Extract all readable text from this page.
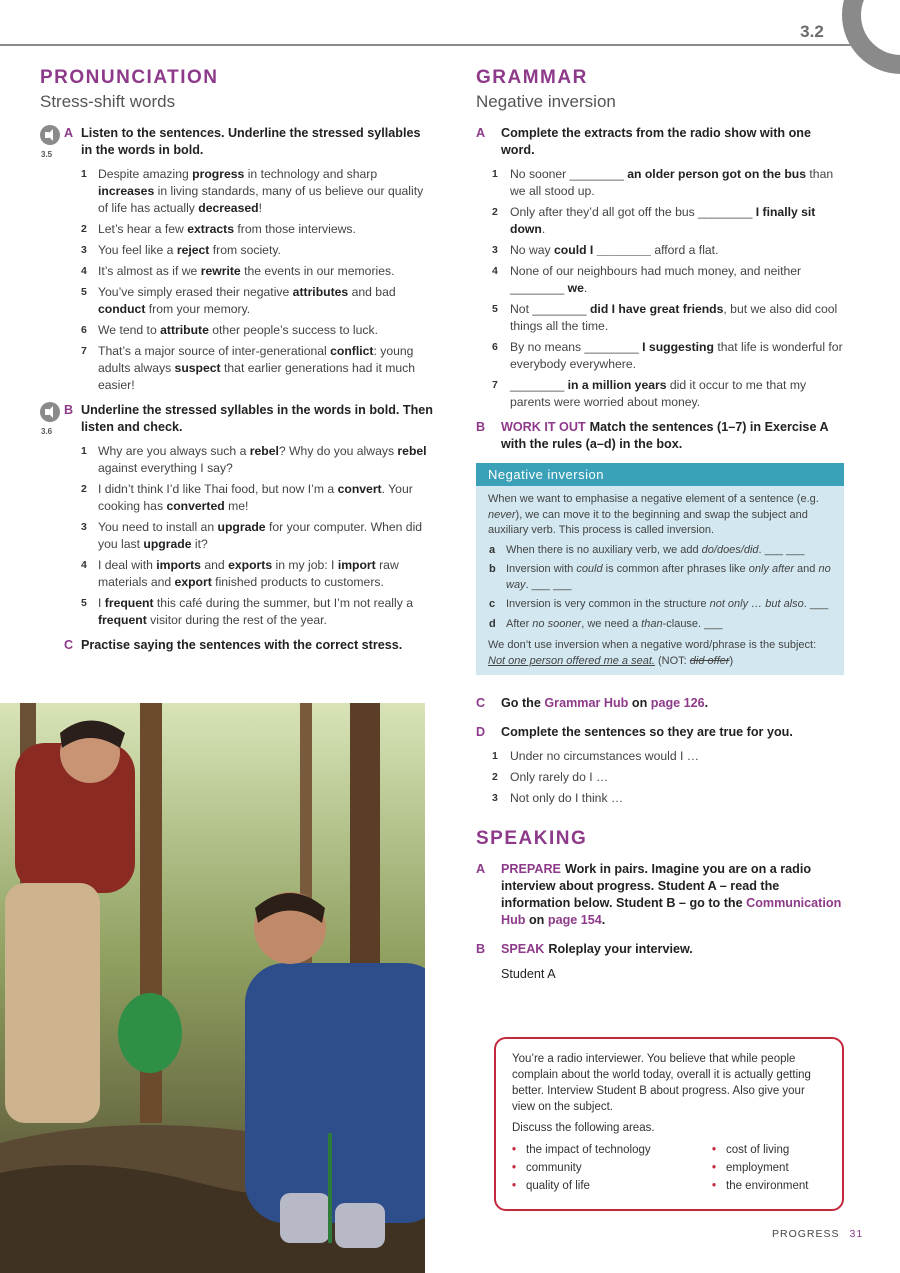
3.2
PRONUNCIATION
Stress-shift words
3.5
A Listen to the sentences. Underline the stressed syllables in the words in bold.
1 Despite amazing progress in technology and sharp increases in living standards, many of us believe our quality of life has actually decreased!
2 Let’s hear a few extracts from those interviews.
3 You feel like a reject from society.
4 It’s almost as if we rewrite the events in our memories.
5 You’ve simply erased their negative attributes and bad conduct from your memory.
6 We tend to attribute other people’s success to luck.
7 That’s a major source of inter-generational conflict: young adults always suspect that earlier generations had it much easier!
3.6
B Underline the stressed syllables in the words in bold. Then listen and check.
1 Why are you always such a rebel? Why do you always rebel against everything I say?
2 I didn’t think I’d like Thai food, but now I’m a convert. Your cooking has converted me!
3 You need to install an upgrade for your computer. When did you last upgrade it?
4 I deal with imports and exports in my job: I import raw materials and export finished products to customers.
5 I frequent this café during the summer, but I’m not really a frequent visitor during the rest of the year.
C Practise saying the sentences with the correct stress.
GRAMMAR
Negative inversion
A Complete the extracts from the radio show with one word.
1 No sooner ________ an older person got on the bus than we all stood up.
2 Only after they’d all got off the bus ________ I finally sit down.
3 No way could I ________ afford a flat.
4 None of our neighbours had much money, and neither ________ we.
5 Not ________ did I have great friends, but we also did cool things all the time.
6 By no means ________ I suggesting that life is wonderful for everybody everywhere.
7 ________ in a million years did it occur to me that my parents were worried about money.
B WORK IT OUT Match the sentences (1–7) in Exercise A with the rules (a–d) in the box.
Negative inversion

When we want to emphasise a negative element of a sentence (e.g. never), we can move it to the beginning and swap the subject and auxiliary verb. This process is called inversion.

a When there is no auxiliary verb, we add do/does/did. ___ ___
b Inversion with could is common after phrases like only after and no way. ___ ___
c Inversion is very common in the structure not only … but also. ___
d After no sooner, we need a than-clause. ___

We don’t use inversion when a negative word/phrase is the subject: Not one person offered me a seat. (NOT: did offer)

C Go the Grammar Hub on page 126.
D Complete the sentences so they are true for you.
1 Under no circumstances would I …
2 Only rarely do I …
3 Not only do I think …
SPEAKING
A PREPARE Work in pairs. Imagine you are on a radio interview about progress. Student A – read the information below. Student B – go to the Communication Hub on page 154.
B SPEAK Roleplay your interview.
Student A

You’re a radio interviewer. You believe that while people complain about the world today, overall it is actually getting better. Interview Student B about progress. Also give your view on the subject.

Discuss the following areas.

• the impact of technology
• community
• quality of life
• cost of living
• employment
• the environment
PROGRESS 31
